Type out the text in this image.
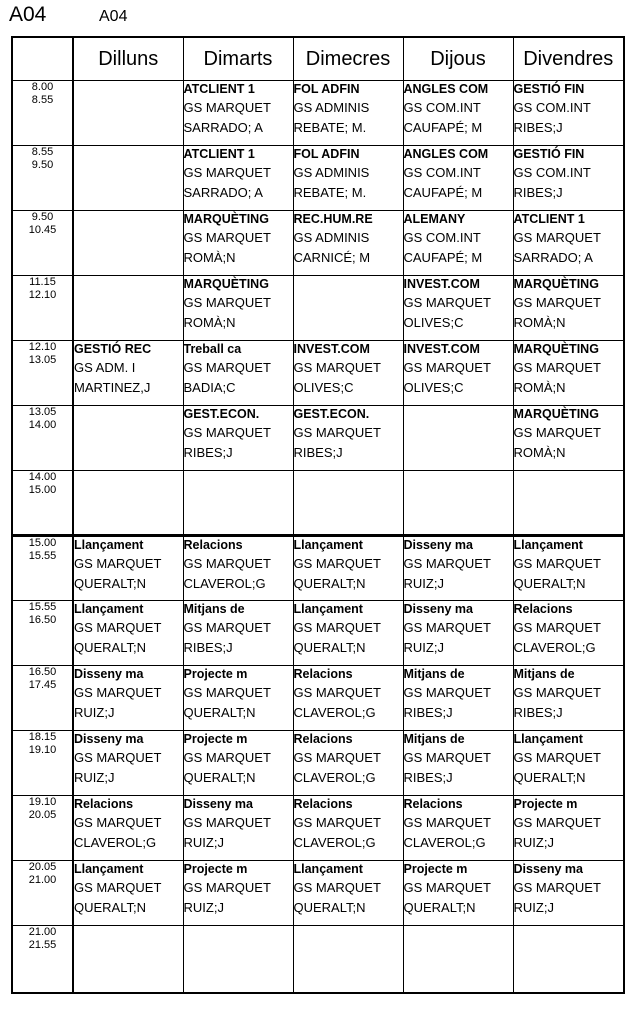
A04	A04
	Dilluns	Dimarts	Dimecres	Dijous	Divendres

8.00
8.55		ATCLIENT 1
GS MARQUET
SARRADO; A	FOL ADFIN
GS ADMINIS
REBATE; M.	ANGLES COM
GS COM.INT
CAUFAPÉ; M	GESTIÓ FIN
GS COM.INT
RIBES;J

8.55
9.50		ATCLIENT 1
GS MARQUET
SARRADO; A	FOL ADFIN
GS ADMINIS
REBATE; M.	ANGLES COM
GS COM.INT
CAUFAPÉ; M	GESTIÓ FIN
GS COM.INT
RIBES;J

9.50
10.45		MARQUÈTING
GS MARQUET
ROMÀ;N	REC.HUM.RE
GS ADMINIS
CARNICÉ; M	ALEMANY
GS COM.INT
CAUFAPÉ; M	ATCLIENT 1
GS MARQUET
SARRADO; A

11.15
12.10		MARQUÈTING
GS MARQUET
ROMÀ;N		INVEST.COM
GS MARQUET
OLIVES;C	MARQUÈTING
GS MARQUET
ROMÀ;N

12.10
13.05	GESTIÓ REC
GS ADM. I
MARTINEZ,J	Treball ca
GS MARQUET
BADIA;C	INVEST.COM
GS MARQUET
OLIVES;C	INVEST.COM
GS MARQUET
OLIVES;C	MARQUÈTING
GS MARQUET
ROMÀ;N

13.05
14.00		GEST.ECON.
GS MARQUET
RIBES;J	GEST.ECON.
GS MARQUET
RIBES;J		MARQUÈTING
GS MARQUET
ROMÀ;N

14.00
15.00					

15.00
15.55	Llançament
GS MARQUET
QUERALT;N	Relacions
GS MARQUET
CLAVEROL;G	Llançament
GS MARQUET
QUERALT;N	Disseny ma
GS MARQUET
RUIZ;J	Llançament
GS MARQUET
QUERALT;N

15.55
16.50	Llançament
GS MARQUET
QUERALT;N	Mitjans de
GS MARQUET
RIBES;J	Llançament
GS MARQUET
QUERALT;N	Disseny ma
GS MARQUET
RUIZ;J	Relacions
GS MARQUET
CLAVEROL;G

16.50
17.45	Disseny ma
GS MARQUET
RUIZ;J	Projecte m
GS MARQUET
QUERALT;N	Relacions
GS MARQUET
CLAVEROL;G	Mitjans de
GS MARQUET
RIBES;J	Mitjans de
GS MARQUET
RIBES;J

18.15
19.10	Disseny ma
GS MARQUET
RUIZ;J	Projecte m
GS MARQUET
QUERALT;N	Relacions
GS MARQUET
CLAVEROL;G	Mitjans de
GS MARQUET
RIBES;J	Llançament
GS MARQUET
QUERALT;N

19.10
20.05	Relacions
GS MARQUET
CLAVEROL;G	Disseny ma
GS MARQUET
RUIZ;J	Relacions
GS MARQUET
CLAVEROL;G	Relacions
GS MARQUET
CLAVEROL;G	Projecte m
GS MARQUET
RUIZ;J

20.05
21.00	Llançament
GS MARQUET
QUERALT;N	Projecte m
GS MARQUET
RUIZ;J	Llançament
GS MARQUET
QUERALT;N	Projecte m
GS MARQUET
QUERALT;N	Disseny ma
GS MARQUET
RUIZ;J

21.00
21.55					
